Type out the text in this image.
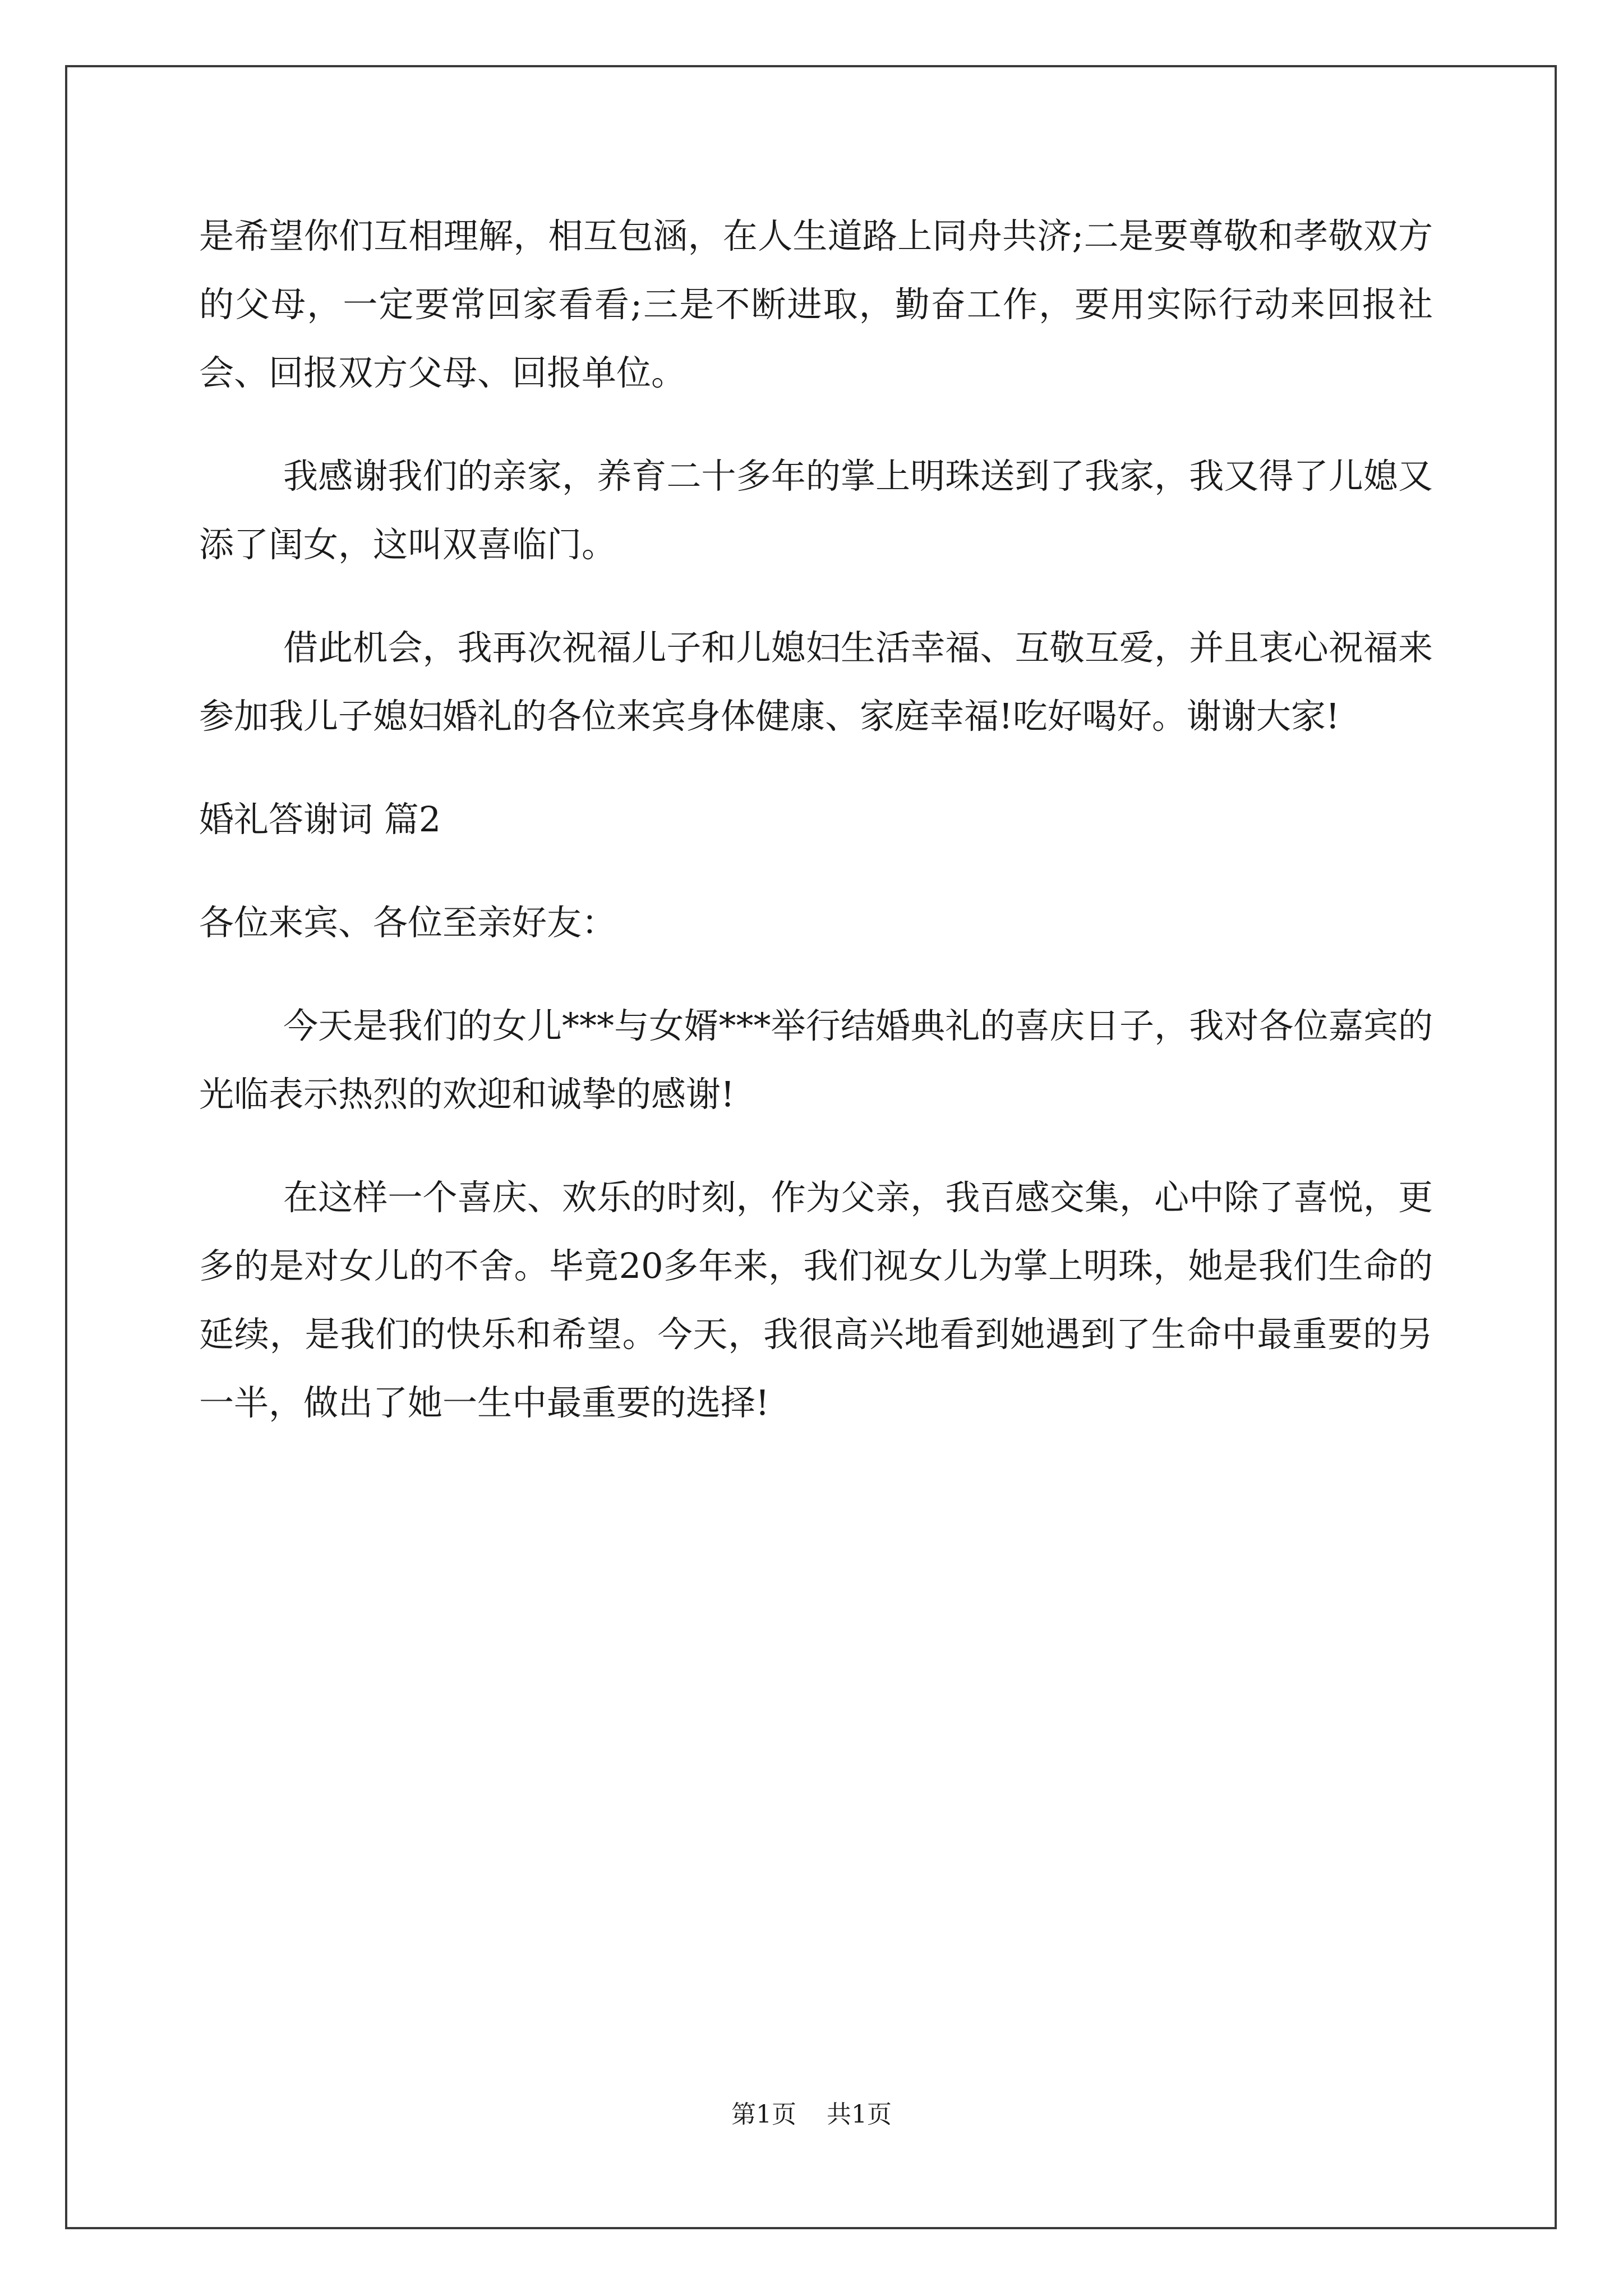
是希望你们互相理解，相互包涵，在人生道路上同舟共济;二是要尊敬和孝敬双方的父母，一定要常回家看看;三是不断进取，勤奋工作，要用实际行动来回报社会、回报双方父母、回报单位。

我感谢我们的亲家，养育二十多年的掌上明珠送到了我家，我又得了儿媳又添了闺女，这叫双喜临门。

借此机会，我再次祝福儿子和儿媳妇生活幸福、互敬互爱，并且衷心祝福来参加我儿子媳妇婚礼的各位来宾身体健康、家庭幸福!吃好喝好。谢谢大家!

婚礼答谢词 篇2

各位来宾、各位至亲好友：

今天是我们的女儿***与女婿***举行结婚典礼的喜庆日子，我对各位嘉宾的光临表示热烈的欢迎和诚挚的感谢!

在这样一个喜庆、欢乐的时刻，作为父亲，我百感交集，心中除了喜悦，更多的是对女儿的不舍。毕竟20多年来，我们视女儿为掌上明珠，她是我们生命的延续，是我们的快乐和希望。今天，我很高兴地看到她遇到了生命中最重要的另一半，做出了她一生中最重要的选择!

第1页 共1页
